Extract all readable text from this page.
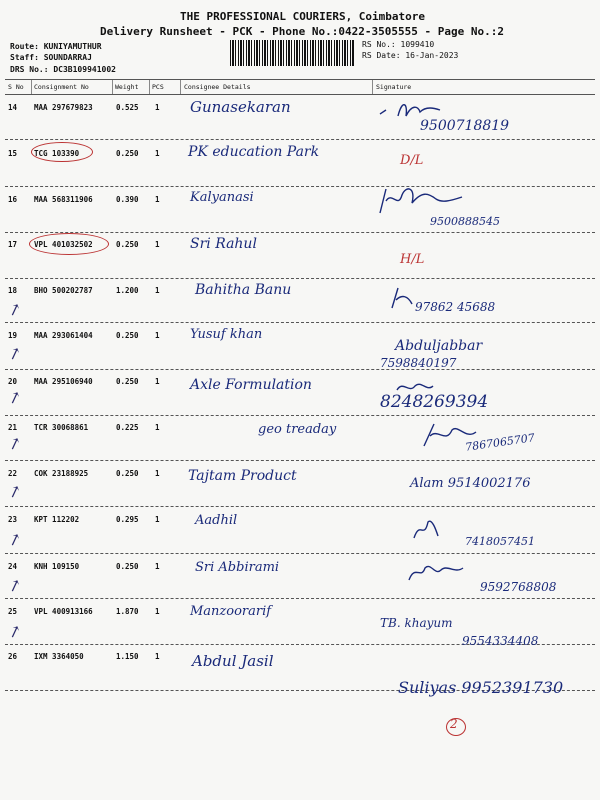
THE PROFESSIONAL COURIERS, Coimbatore
Delivery Runsheet - PCK - Phone No.:0422-3505555 - Page No.:2
Route: KUNIYAMUTHUR
Staff: SOUNDARRAJ
DRS No.: DC3B109941002
RS No.: 1099410
RS Date: 16-Jan-2023
S No Consignment No	Weight PCS	Consignee Details	Signature
14 MAA 297679823	0.525 1 Gunasekaran
9500718819
15 TCG 103390	0.250 1 PK education Park
D/L
16 MAA 568311906	0.390 1 Kalyanasi
9500888545
17 VPL 401032502	0.250 1 Sri Rahul
H/L
18 BHO 500202787	1.200 1	Bahitha Banu
97862 45688
↗
19 MAA 293061404	0.250 1 Yusuf khan
Abduljabbar
7598840197
↗
20 MAA 295106940	0.250 1 Axle Formulation
8248269394
↗
21 TCR 30068861	0.225 1	geo treaday
7867065707
↗
22 COK 23188925	0.250 1 Tajtam Product	Alam 9514002176
↗
23 KPT 112202	0.295 1	Aadhil
7418057451
↗
24 KNH 109150	0.250 1	Sri Abbirami
9592768808
↗
25 VPL 400913166	1.870 1 Manzoorarif
TB. khayum
9554334408
↗
26 IXM 3364050	1.150 1 Abdul Jasil
Suliyas 9952391730
2
